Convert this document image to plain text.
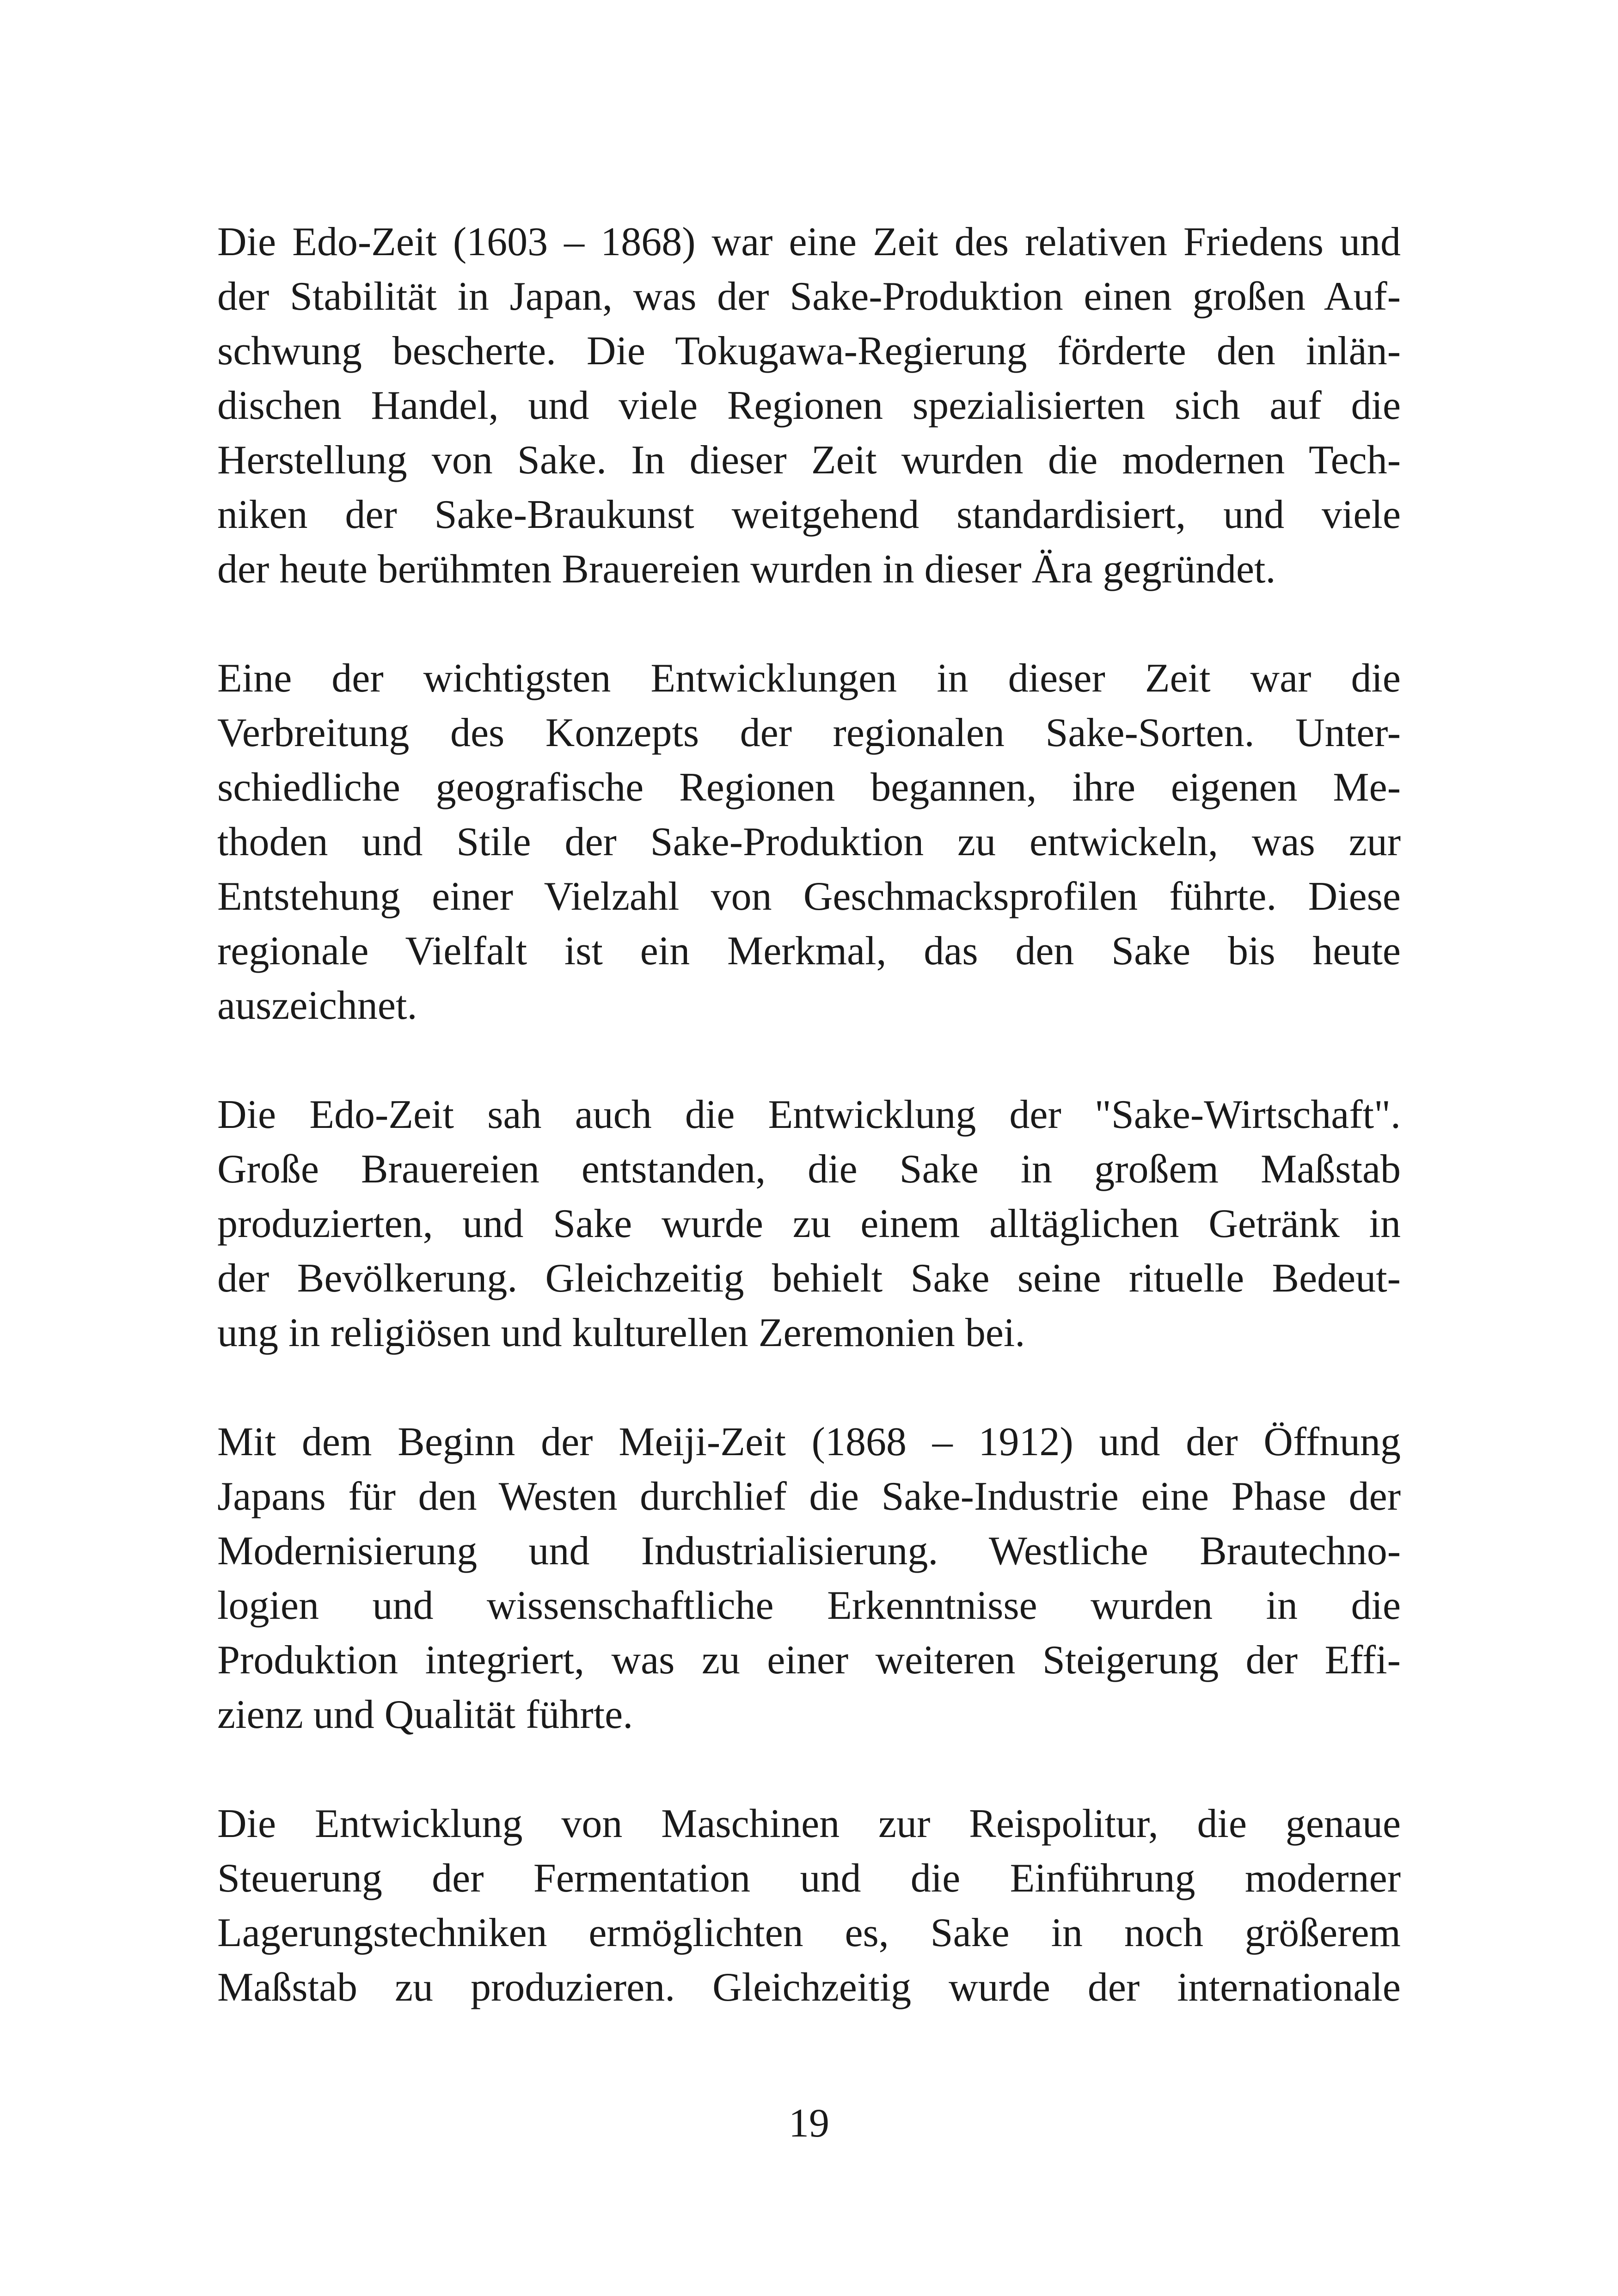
Die Edo-Zeit (1603 – 1868) war eine Zeit des relativen Friedens und
der Stabilität in Japan, was der Sake-Produktion einen großen Auf-
schwung bescherte. Die Tokugawa-Regierung förderte den inlän-
dischen Handel, und viele Regionen spezialisierten sich auf die
Herstellung von Sake. In dieser Zeit wurden die modernen Tech-
niken der Sake-Braukunst weitgehend standardisiert, und viele
der heute berühmten Brauereien wurden in dieser Ära gegründet.

Eine der wichtigsten Entwicklungen in dieser Zeit war die
Verbreitung des Konzepts der regionalen Sake-Sorten. Unter-
schiedliche geografische Regionen begannen, ihre eigenen Me-
thoden und Stile der Sake-Produktion zu entwickeln, was zur
Entstehung einer Vielzahl von Geschmacksprofilen führte. Diese
regionale Vielfalt ist ein Merkmal, das den Sake bis heute
auszeichnet.

Die Edo-Zeit sah auch die Entwicklung der "Sake-Wirtschaft".
Große Brauereien entstanden, die Sake in großem Maßstab
produzierten, und Sake wurde zu einem alltäglichen Getränk in
der Bevölkerung. Gleichzeitig behielt Sake seine rituelle Bedeut-
ung in religiösen und kulturellen Zeremonien bei.

Mit dem Beginn der Meiji-Zeit (1868 – 1912) und der Öffnung
Japans für den Westen durchlief die Sake-Industrie eine Phase der
Modernisierung und Industrialisierung. Westliche Brautechno-
logien und wissenschaftliche Erkenntnisse wurden in die
Produktion integriert, was zu einer weiteren Steigerung der Effi-
zienz und Qualität führte.

Die Entwicklung von Maschinen zur Reispolitur, die genaue
Steuerung der Fermentation und die Einführung moderner
Lagerungstechniken ermöglichten es, Sake in noch größerem
Maßstab zu produzieren. Gleichzeitig wurde der internationale

19
